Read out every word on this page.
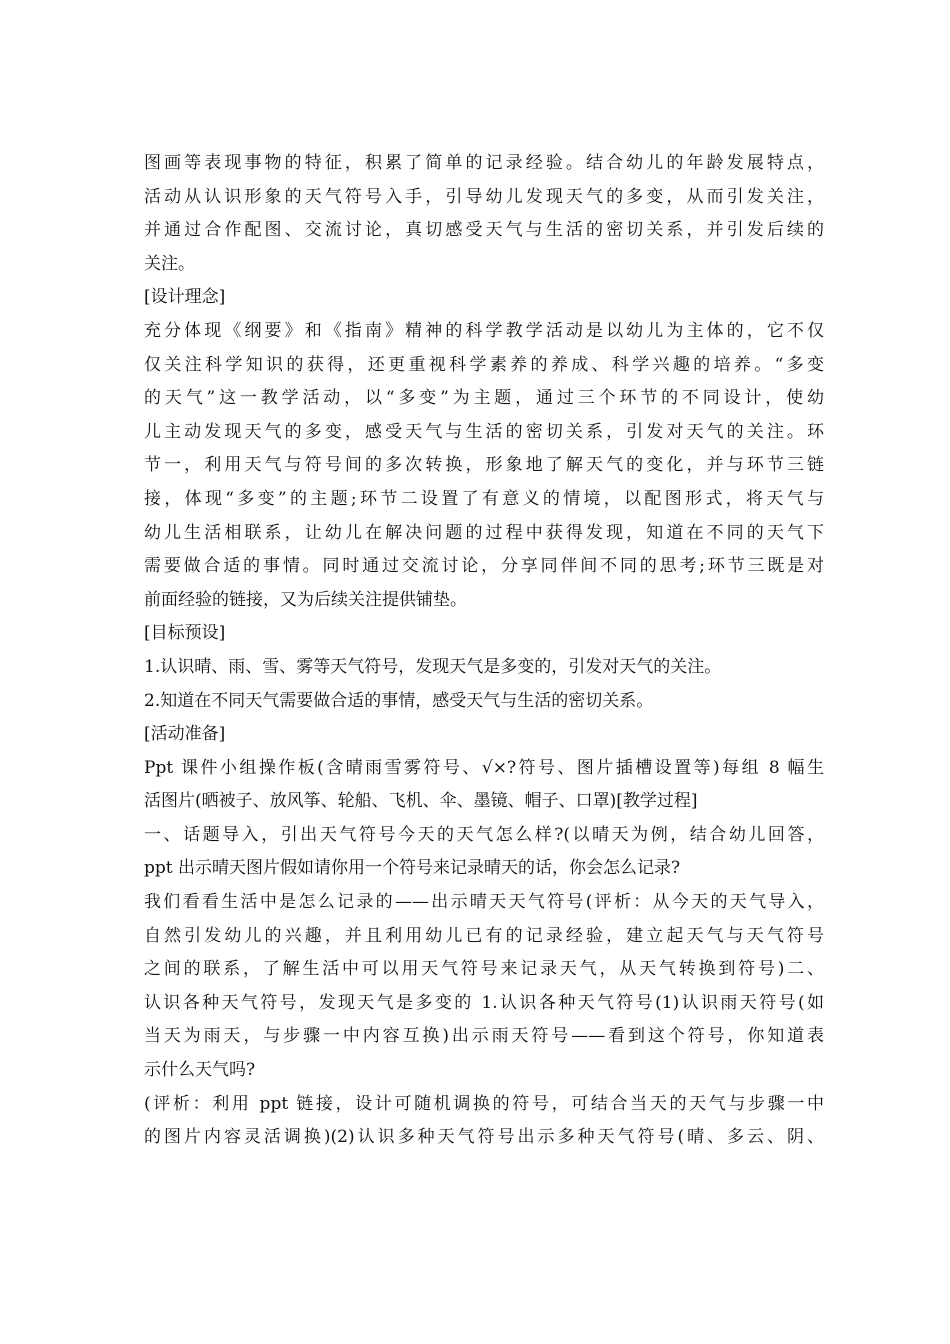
图画等表现事物的特征，积累了简单的记录经验。结合幼儿的年龄发展特点，
活动从认识形象的天气符号入手，引导幼儿发现天气的多变，从而引发关注，
并通过合作配图、交流讨论，真切感受天气与生活的密切关系，并引发后续的
关注。
[设计理念]
充分体现《纲要》和《指南》精神的科学教学活动是以幼儿为主体的，它不仅
仅关注科学知识的获得，还更重视科学素养的养成、科学兴趣的培养。“多变
的天气”这一教学活动，以“多变”为主题，通过三个环节的不同设计，使幼
儿主动发现天气的多变，感受天气与生活的密切关系，引发对天气的关注。环
节一，利用天气与符号间的多次转换，形象地了解天气的变化，并与环节三链
接，体现“多变”的主题;环节二设置了有意义的情境，以配图形式，将天气与
幼儿生活相联系，让幼儿在解决问题的过程中获得发现，知道在不同的天气下
需要做合适的事情。同时通过交流讨论，分享同伴间不同的思考;环节三既是对
前面经验的链接，又为后续关注提供铺垫。
[目标预设]
1.认识晴、雨、雪、雾等天气符号，发现天气是多变的，引发对天气的关注。
2.知道在不同天气需要做合适的事情，感受天气与生活的密切关系。
[活动准备]
Ppt 课件小组操作板(含晴雨雪雾符号、√×?符号、图片插槽设置等)每组 8 幅生
活图片(晒被子、放风筝、轮船、飞机、伞、墨镜、帽子、口罩)[教学过程]
一、话题导入，引出天气符号今天的天气怎么样?(以晴天为例，结合幼儿回答，
ppt 出示晴天图片假如请你用一个符号来记录晴天的话，你会怎么记录?
我们看看生活中是怎么记录的——出示晴天天气符号(评析：从今天的天气导入，
自然引发幼儿的兴趣，并且利用幼儿已有的记录经验，建立起天气与天气符号
之间的联系，了解生活中可以用天气符号来记录天气，从天气转换到符号)二、
认识各种天气符号，发现天气是多变的 1.认识各种天气符号(1)认识雨天符号(如
当天为雨天，与步骤一中内容互换)出示雨天符号——看到这个符号，你知道表
示什么天气吗?
(评析：利用 ppt 链接，设计可随机调换的符号，可结合当天的天气与步骤一中
的图片内容灵活调换)(2)认识多种天气符号出示多种天气符号(晴、多云、阴、
